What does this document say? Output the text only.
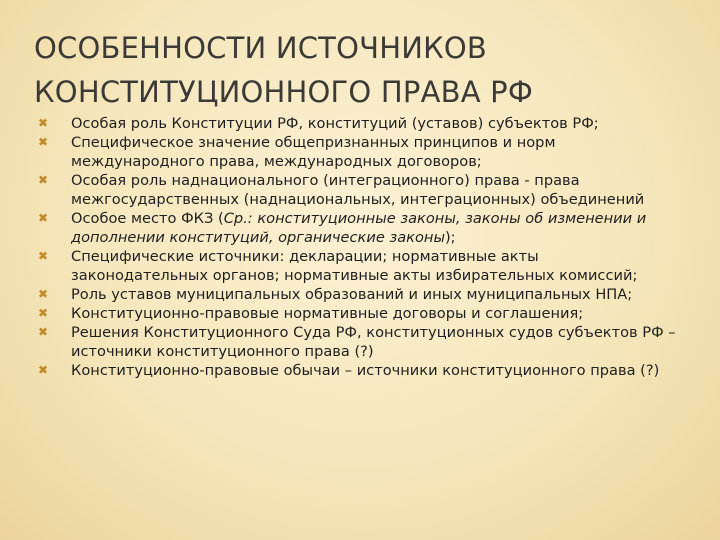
ОСОБЕННОСТИ ИСТОЧНИКОВ
КОНСТИТУЦИОННОГО ПРАВА РФ
✖ Особая роль Конституции РФ, конституций (уставов) субъектов РФ;
✖ Специфическое значение общепризнанных принципов и норм международного права, международных договоров;
✖ Особая роль наднационального (интеграционного) права - права межгосударственных (наднациональных, интеграционных) объединений
✖ Особое место ФКЗ (Ср.: конституционные законы, законы об изменении и дополнении конституций, органические законы);
✖ Специфические источники: декларации; нормативные акты законодательных органов; нормативные акты избирательных комиссий;
✖ Роль уставов муниципальных образований и иных муниципальных НПА;
✖ Конституционно-правовые нормативные договоры и соглашения;
✖ Решения Конституционного Суда РФ, конституционных судов субъектов РФ – источники конституционного права (?)
✖ Конституционно-правовые обычаи – источники конституционного права (?)
